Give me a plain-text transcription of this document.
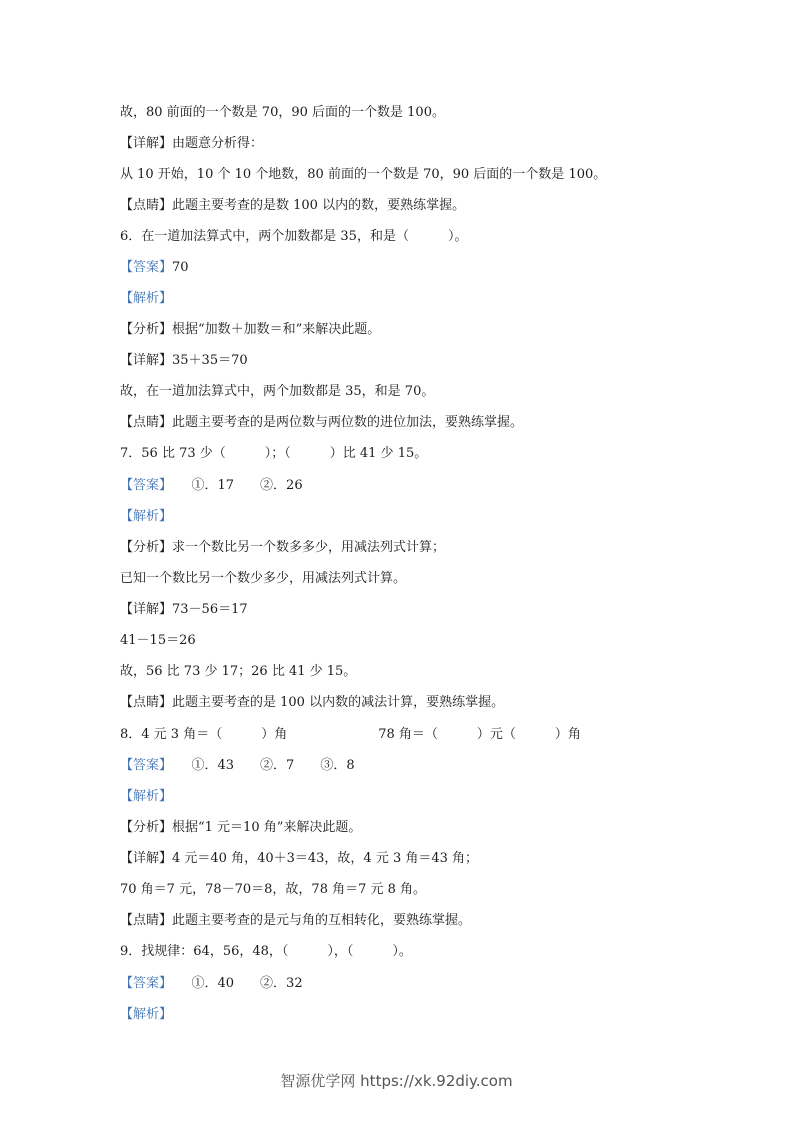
故，80 前面的一个数是 70，90 后面的一个数是 100。

【详解】由题意分析得：

从 10 开始，10 个 10 个地数，80 前面的一个数是 70，90 后面的一个数是 100。

【点睛】此题主要考查的是数 100 以内的数，要熟练掌握。

6．在一道加法算式中，两个加数都是 35，和是（　　　）。

【答案】70

【解析】

【分析】根据“加数＋加数＝和”来解决此题。

【详解】35＋35＝70

故，在一道加法算式中，两个加数都是 35，和是 70。

【点睛】此题主要考查的是两位数与两位数的进位加法，要熟练掌握。

7．56 比 73 少（　　　）；（　　　）比 41 少 15。

【答案】　　①．17　　②．26

【解析】

【分析】求一个数比另一个数多多少，用减法列式计算；

已知一个数比另一个数少多少，用减法列式计算。

【详解】73－56＝17

41－15＝26

故，56 比 73 少 17；26 比 41 少 15。

【点睛】此题主要考查的是 100 以内数的减法计算，要熟练掌握。

8．4 元 3 角＝（　　　）角　　　　　　　78 角＝（　　　）元（　　　）角

【答案】　　①．43　　②．7　　③．8

【解析】

【分析】根据“1 元＝10 角”来解决此题。

【详解】4 元＝40 角，40＋3＝43，故，4 元 3 角＝43 角；

70 角＝7 元，78－70＝8，故，78 角＝7 元 8 角。

【点睛】此题主要考查的是元与角的互相转化，要熟练掌握。

9．找规律：64，56，48，（　　　），（　　　）。

【答案】　　①．40　　②．32

【解析】

智源优学网 https://xk.92diy.com
